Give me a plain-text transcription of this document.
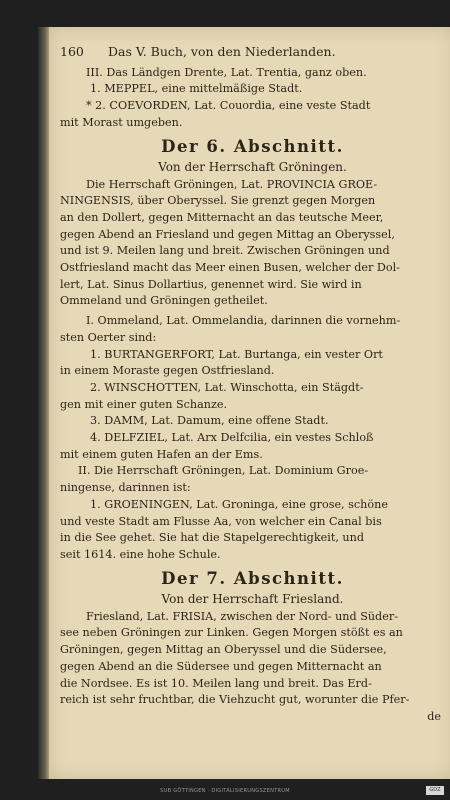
160	Das V. Buch, von den Niederlanden.

III. Das Ländgen Drente, Lat. Trentia, ganz oben.

1. MEPPEL, eine mittelmäßige Stadt.

* 2. COEVORDEN, Lat. Couordia, eine veste Stadt

mit Morast umgeben.

Der 6. Abschnitt.
Von der Herrschaft Gröningen.

Die Herrschaft Gröningen, Lat. PROVINCIA GROE-

NINGENSIS, über Oberyssel. Sie grenzt gegen Morgen

an den Dollert, gegen Mitternacht an das teutsche Meer,

gegen Abend an Friesland und gegen Mittag an Oberyssel,

und ist 9. Meilen lang und breit. Zwischen Gröningen und

Ostfriesland macht das Meer einen Busen, welcher der Dol-

lert, Lat. Sinus Dollartius, genennet wird. Sie wird in

Ommeland und Gröningen getheilet.

I. Ommeland, Lat. Ommelandia, darinnen die vornehm-

sten Oerter sind:

1. BURTANGERFORT, Lat. Burtanga, ein vester Ort

in einem Moraste gegen Ostfriesland.

2. WINSCHOTTEN, Lat. Winschotta, ein Stägdt-

gen mit einer guten Schanze.

3. DAMM, Lat. Damum, eine offene Stadt.

4. DELFZIEL, Lat. Arx Delfcilia, ein vestes Schloß

mit einem guten Hafen an der Ems.

II. Die Herrschaft Gröningen, Lat. Dominium Groe-

ningense, darinnen ist:

1. GROENINGEN, Lat. Groninga, eine grose, schöne

und veste Stadt am Flusse Aa, von welcher ein Canal bis

in die See gehet. Sie hat die Stapelgerechtigkeit, und

seit 1614. eine hohe Schule.

Der 7. Abschnitt.
Von der Herrschaft Friesland.

Friesland, Lat. FRISIA, zwischen der Nord- und Süder-

see neben Gröningen zur Linken. Gegen Morgen stößt es an

Gröningen, gegen Mittag an Oberyssel und die Südersee,

gegen Abend an die Südersee und gegen Mitternacht an

die Nordsee. Es ist 10. Meilen lang und breit. Das Erd-

reich ist sehr fruchtbar, die Viehzucht gut, worunter die Pfer-

de

SUB GÖTTINGEN · DIGITALISIERUNGSZENTRUM	GDZ
